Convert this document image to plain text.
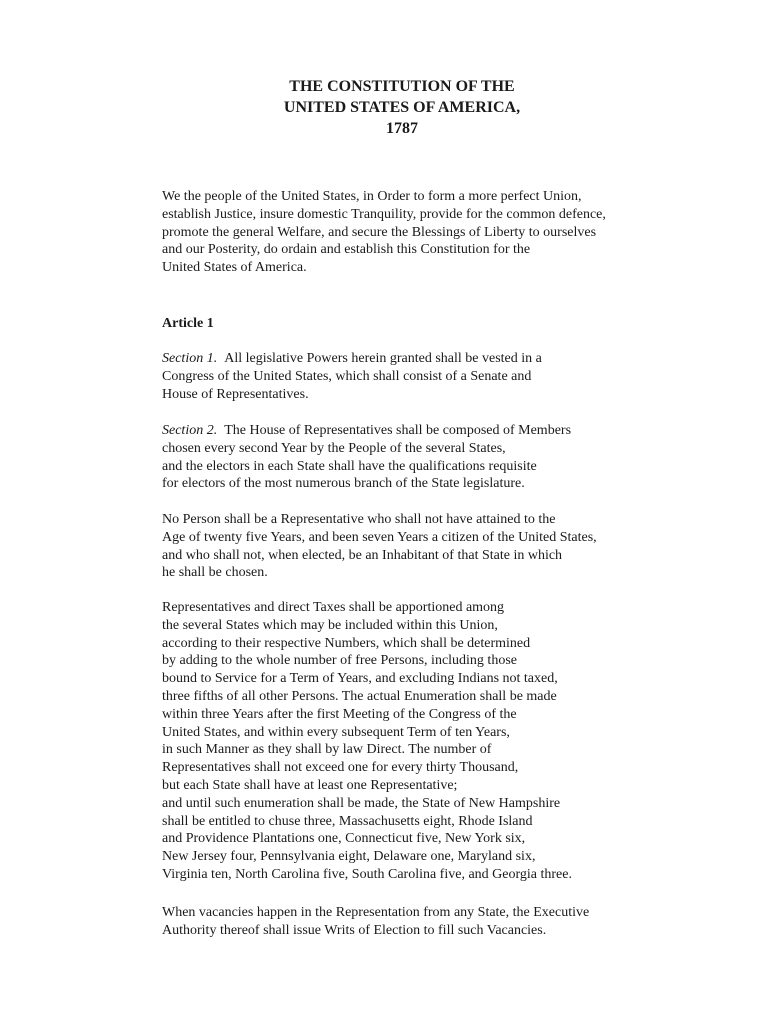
THE CONSTITUTION OF THE
UNITED STATES OF AMERICA,
1787
We the people of the United States, in Order to form a more perfect Union,
establish Justice, insure domestic Tranquility, provide for the common defence,
promote the general Welfare, and secure the Blessings of Liberty to ourselves
and our Posterity, do ordain and establish this Constitution for the
United States of America.
Article 1
Section 1. All legislative Powers herein granted shall be vested in a
Congress of the United States, which shall consist of a Senate and
House of Representatives.
Section 2. The House of Representatives shall be composed of Members
chosen every second Year by the People of the several States,
and the electors in each State shall have the qualifications requisite
for electors of the most numerous branch of the State legislature.
No Person shall be a Representative who shall not have attained to the
Age of twenty five Years, and been seven Years a citizen of the United States,
and who shall not, when elected, be an Inhabitant of that State in which
he shall be chosen.
Representatives and direct Taxes shall be apportioned among
the several States which may be included within this Union,
according to their respective Numbers, which shall be determined
by adding to the whole number of free Persons, including those
bound to Service for a Term of Years, and excluding Indians not taxed,
three fifths of all other Persons. The actual Enumeration shall be made
within three Years after the first Meeting of the Congress of the
United States, and within every subsequent Term of ten Years,
in such Manner as they shall by law Direct. The number of
Representatives shall not exceed one for every thirty Thousand,
but each State shall have at least one Representative;
and until such enumeration shall be made, the State of New Hampshire
shall be entitled to chuse three, Massachusetts eight, Rhode Island
and Providence Plantations one, Connecticut five, New York six,
New Jersey four, Pennsylvania eight, Delaware one, Maryland six,
Virginia ten, North Carolina five, South Carolina five, and Georgia three.
When vacancies happen in the Representation from any State, the Executive
Authority thereof shall issue Writs of Election to fill such Vacancies.
